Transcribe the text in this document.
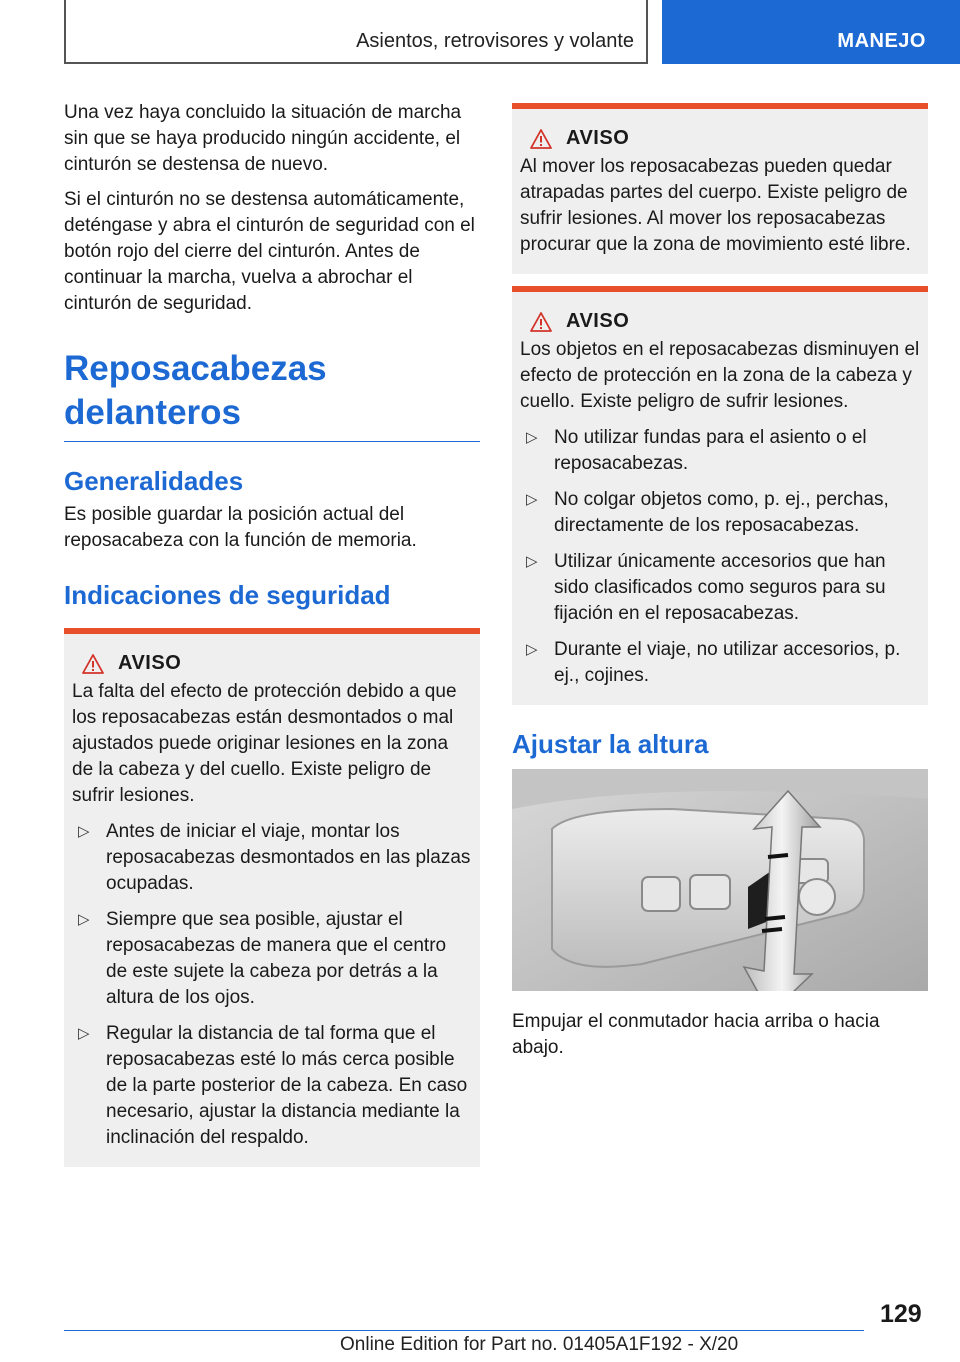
Asientos, retrovisores y volante	MANEJO

Una vez haya concluido la situación de marcha sin que se haya producido ningún accidente, el cinturón se destensa de nuevo.

Si el cinturón no se destensa automáticamente, deténgase y abra el cinturón de seguridad con el botón rojo del cierre del cinturón. Antes de continuar la marcha, vuelva a abrochar el cinturón de seguridad.

Reposacabezas delanteros
Generalidades

Es posible guardar la posición actual del reposacabeza con la función de memoria.

Indicaciones de seguridad
AVISO

La falta del efecto de protección debido a que los reposacabezas están desmontados o mal ajustados puede originar lesiones en la zona de la cabeza y del cuello. Existe peligro de sufrir lesiones.

▷ Antes de iniciar el viaje, montar los reposacabezas desmontados en las plazas ocupadas.
▷ Siempre que sea posible, ajustar el reposacabezas de manera que el centro de este sujete la cabeza por detrás a la altura de los ojos.
▷ Regular la distancia de tal forma que el reposacabezas esté lo más cerca posible de la parte posterior de la cabeza. En caso necesario, ajustar la distancia mediante la inclinación del respaldo.
AVISO

Al mover los reposacabezas pueden quedar atrapadas partes del cuerpo. Existe peligro de sufrir lesiones. Al mover los reposacabezas procurar que la zona de movimiento esté libre.

AVISO

Los objetos en el reposacabezas disminuyen el efecto de protección en la zona de la cabeza y cuello. Existe peligro de sufrir lesiones.

▷ No utilizar fundas para el asiento o el reposacabezas.
▷ No colgar objetos como, p. ej., perchas, directamente de los reposacabezas.
▷ Utilizar únicamente accesorios que han sido clasificados como seguros para su fijación en el reposacabezas.
▷ Durante el viaje, no utilizar accesorios, p. ej., cojines.
Ajustar la altura

Empujar el conmutador hacia arriba o hacia abajo.

129
Online Edition for Part no. 01405A1F192 - X/20
